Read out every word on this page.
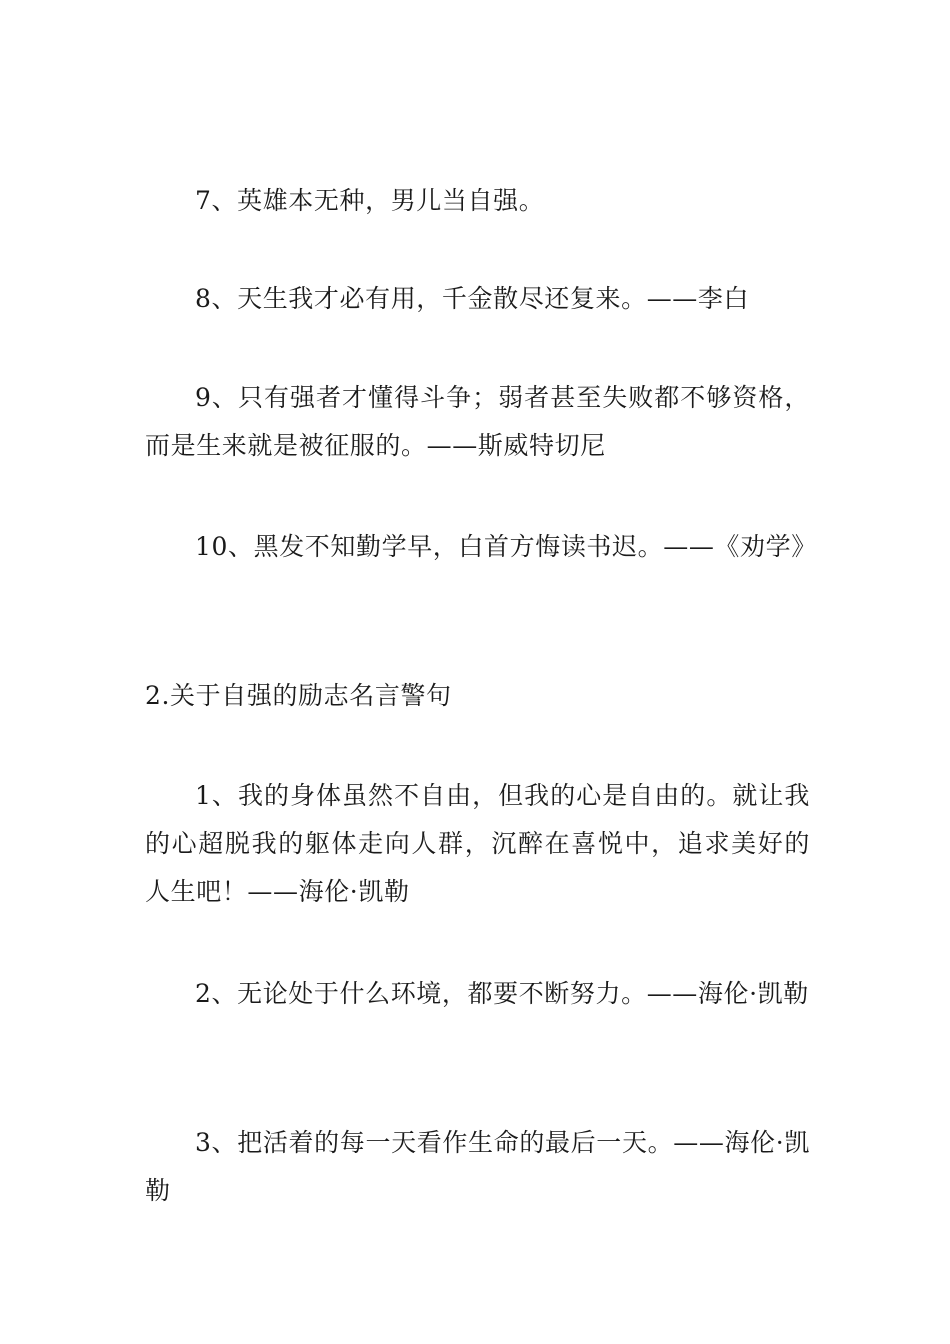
7、英雄本无种，男儿当自强。

8、天生我才必有用，千金散尽还复来。——李白

9、只有强者才懂得斗争；弱者甚至失败都不够资格，而是生来就是被征服的。——斯威特切尼

10、黑发不知勤学早，白首方悔读书迟。——《劝学》

2.关于自强的励志名言警句

1、我的身体虽然不自由，但我的心是自由的。就让我的心超脱我的躯体走向人群，沉醉在喜悦中，追求美好的人生吧！——海伦·凯勒

2、无论处于什么环境，都要不断努力。——海伦·凯勒

3、把活着的每一天看作生命的最后一天。——海伦·凯勒
